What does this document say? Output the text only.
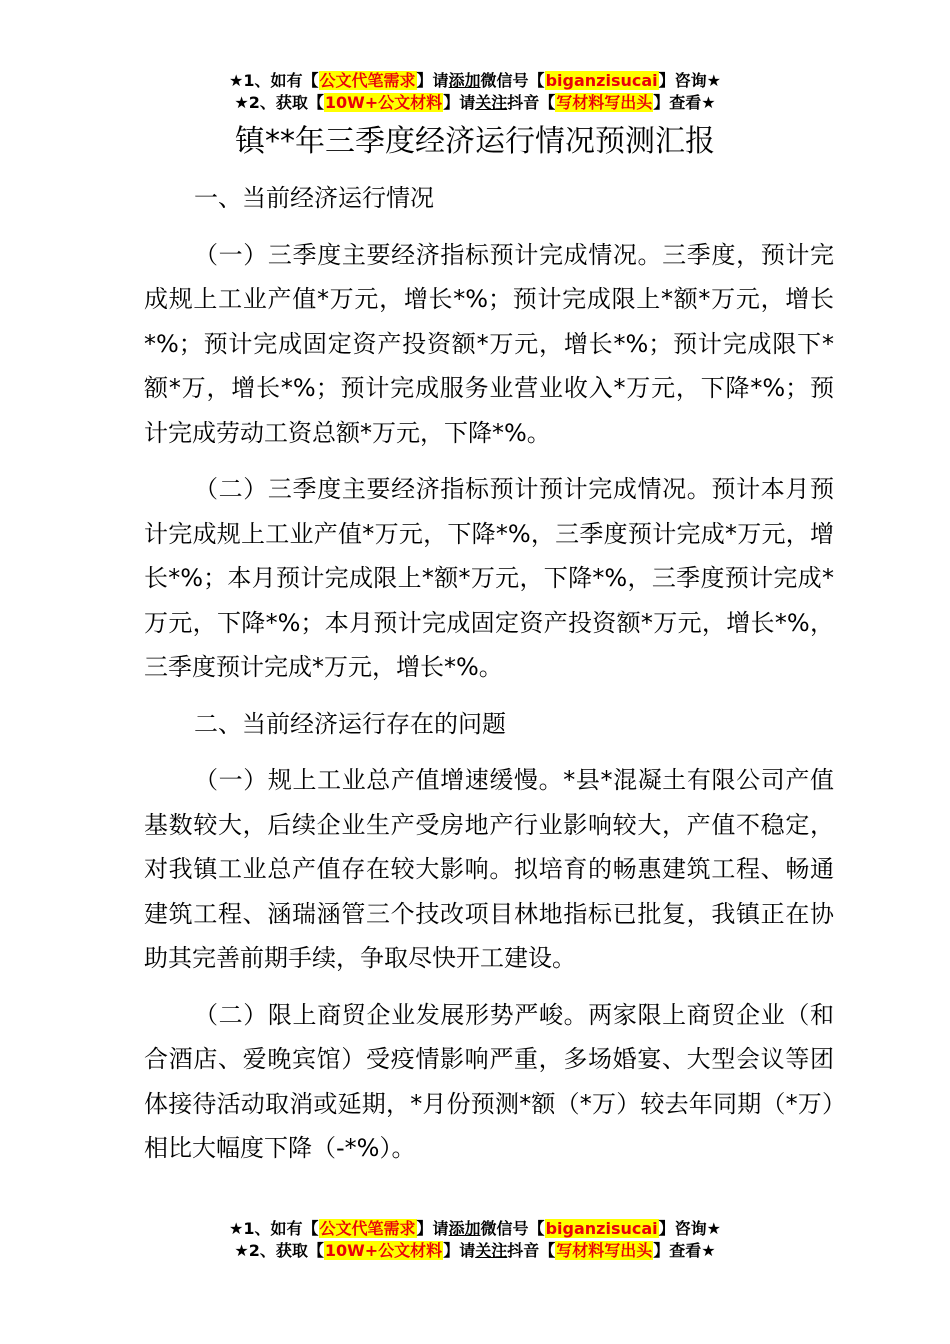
★1、如有【公文代笔需求】请添加微信号【biganzisucai】咨询★
★2、获取【10W+公文材料】请关注抖音【写材料写出头】查看★
镇**年三季度经济运行情况预测汇报

一、当前经济运行情况

（一）三季度主要经济指标预计完成情况。三季度，预计完成规上工业产值*万元，增长*%；预计完成限上*额*万元，增长*%；预计完成固定资产投资额*万元，增长*%；预计完成限下*额*万，增长*%；预计完成服务业营业收入*万元，下降*%；预计完成劳动工资总额*万元，下降*%。

（二）三季度主要经济指标预计预计完成情况。预计本月预计完成规上工业产值*万元，下降*%，三季度预计完成*万元，增长*%；本月预计完成限上*额*万元，下降*%，三季度预计完成*万元，下降*%；本月预计完成固定资产投资额*万元，增长*%，三季度预计完成*万元，增长*%。

二、当前经济运行存在的问题

（一）规上工业总产值增速缓慢。*县*混凝土有限公司产值基数较大，后续企业生产受房地产行业影响较大，产值不稳定，对我镇工业总产值存在较大影响。拟培育的畅惠建筑工程、畅通建筑工程、涵瑞涵管三个技改项目林地指标已批复，我镇正在协助其完善前期手续，争取尽快开工建设。

（二）限上商贸企业发展形势严峻。两家限上商贸企业（和合酒店、爱晚宾馆）受疫情影响严重，多场婚宴、大型会议等团体接待活动取消或延期，*月份预测*额（*万）较去年同期（*万）相比大幅度下降（-*%）。

★1、如有【公文代笔需求】请添加微信号【biganzisucai】咨询★
★2、获取【10W+公文材料】请关注抖音【写材料写出头】查看★
